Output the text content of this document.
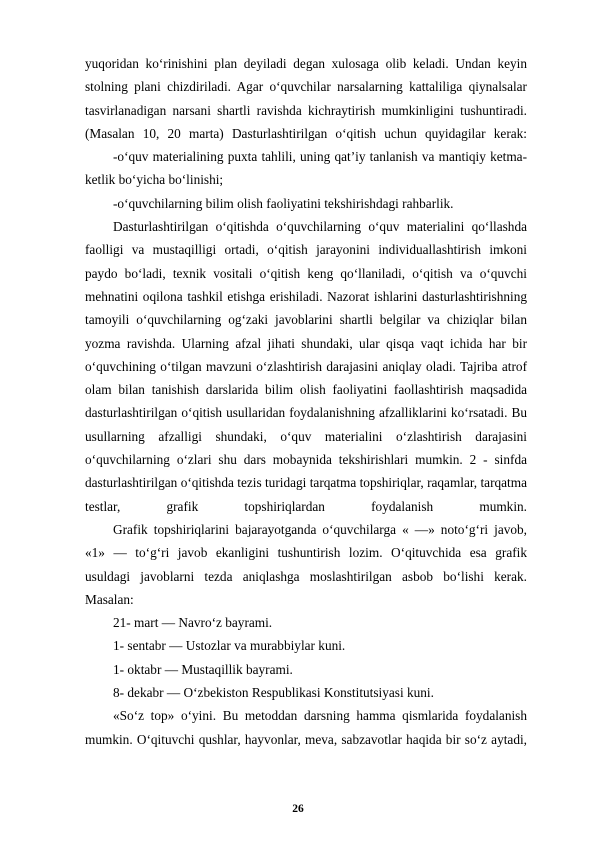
yuqoridan ko‘rinishini plan deyiladi degan xulosaga olib keladi. Undan keyin stolning plani chizdiriladi. Agar o‘quvchilar narsalarning kattaliliga qiynalsalar tasvirlanadigan narsani shartli ravishda kichraytirish mumkinligini tushuntiradi. (Masalan 10, 20 marta) Dasturlashtirilgan o‘qitish uchun quyidagilar kerak:

-o‘quv materialining puxta tahlili, uning qat’iy tanlanish va mantiqiy ketma-ketlik bo‘yicha bo‘linishi;

-o‘quvchilarning bilim olish faoliyatini tekshirishdagi rahbarlik.

Dasturlashtirilgan o‘qitishda o‘quvchilarning o‘quv materialini qo‘llashda faolligi va mustaqilligi ortadi, o‘qitish jarayonini individuallashtirish imkoni paydo bo‘ladi, texnik vositali o‘qitish keng qo‘llaniladi, o‘qitish va o‘quvchi mehnatini oqilona tashkil etishga erishiladi. Nazorat ishlarini dasturlashtirishning tamoyili o‘quvchilarning og‘zaki javoblarini shartli belgilar va chiziqlar bilan yozma ravishda. Ularning afzal jihati shundaki, ular qisqa vaqt ichida har bir o‘quvchining o‘tilgan mavzuni o‘zlashtirish darajasini aniqlay oladi. Tajriba atrof olam bilan tanishish darslarida bilim olish faoliyatini faollashtirish maqsadida dasturlashtirilgan o‘qitish usullaridan foydalanishning afzalliklarini ko‘rsatadi. Bu usullarning afzalligi shundaki, o‘quv materialini o‘zlashtirish darajasini o‘quvchilarning o‘zlari shu dars mobaynida tekshirishlari mumkin. 2 - sinfda dasturlashtirilgan o‘qitishda tezis turidagi tarqatma topshiriqlar, raqamlar, tarqatma testlar, grafik topshiriqlardan foydalanish mumkin.

Grafik topshiriqlarini bajarayotganda o‘quvchilarga « —» noto‘g‘ri javob, «1» — to‘g‘ri javob ekanligini tushuntirish lozim. O‘qituvchida esa grafik usuldagi javoblarni tezda aniqlashga moslashtirilgan asbob bo‘lishi kerak. Masalan:

21- mart — Navro‘z bayrami.

1- sentabr — Ustozlar va murabbiylar kuni.

1- oktabr — Mustaqillik bayrami.

8- dekabr — O‘zbekiston Respublikasi Konstitutsiyasi kuni.

«So‘z top» o‘yini. Bu metoddan darsning hamma qismlarida foydalanish mumkin. O‘qituvchi qushlar, hayvonlar, meva, sabzavotlar haqida bir so‘z aytadi,

26
